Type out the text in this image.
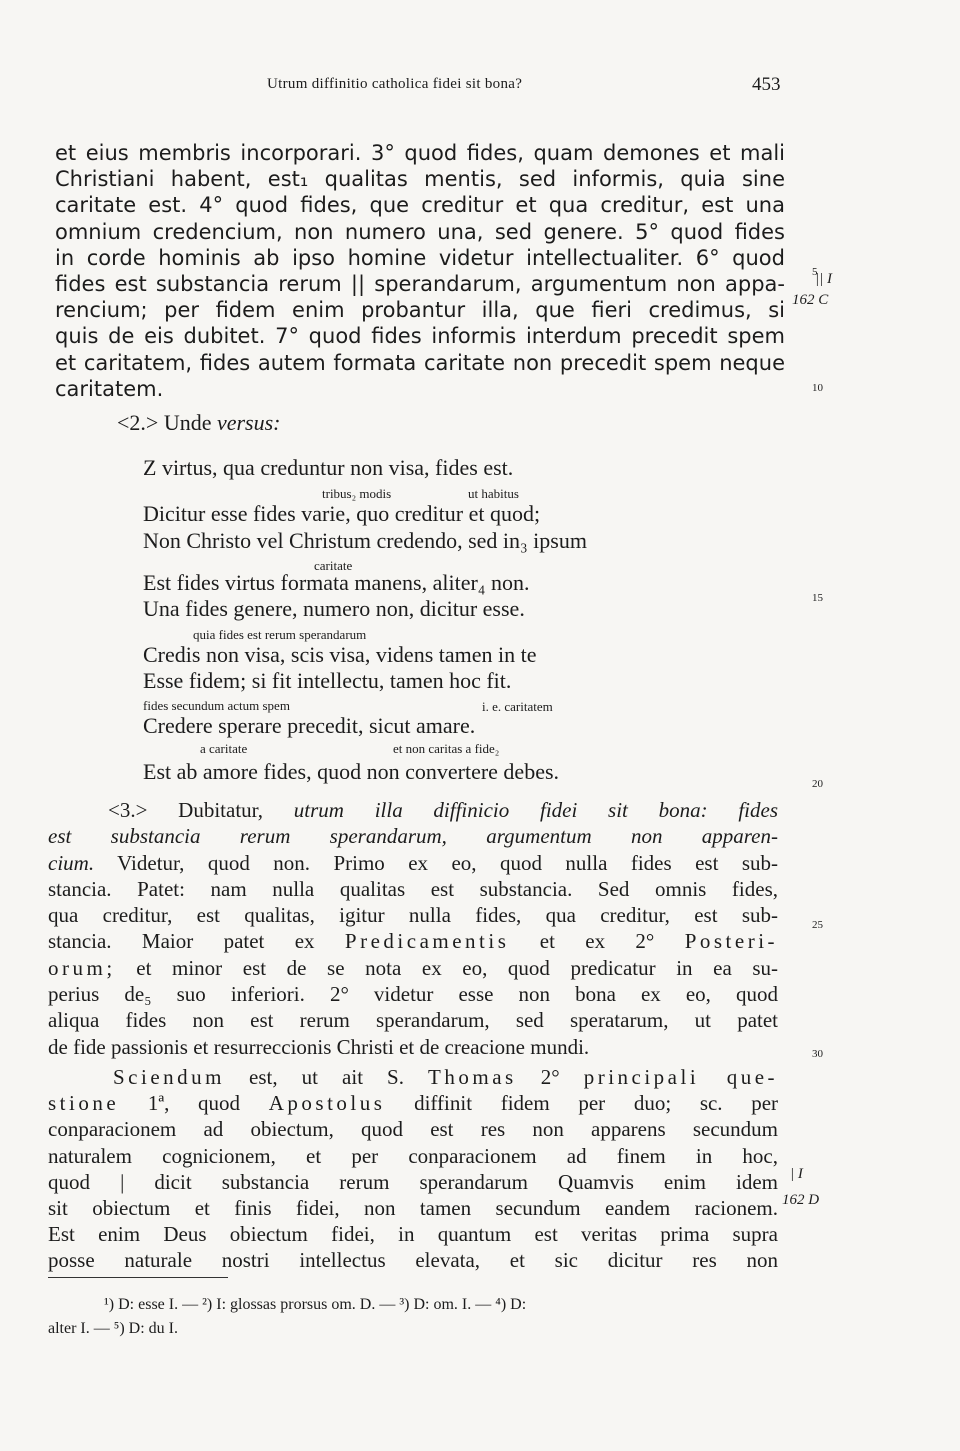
Utrum diffinitio catholica fidei sit bona?	453
et eius membris incorporari. 3° quod fides, quam demones et mali
Christiani habent, est₁ qualitas mentis, sed informis, quia sine
caritate est. 4° quod fides, que creditur et qua creditur, est una
omnium credencium, non numero una, sed genere. 5° quod fides
in corde hominis ab ipso homine videtur intellectualiter. 6° quod
fides est substancia rerum || sperandarum, argumentum non appa-
rencium; per fidem enim probantur illa, que fieri credimus, si
quis de eis dubitet. 7° quod fides informis interdum precedit spem
et caritatem, fides autem formata caritate non precedit spem neque
caritatem.
5
|| I
162 C
10
<2.> Unde versus:
Z virtus, qua creduntur non visa, fides est.
tribus₂ modis	ut habitus
Dicitur esse fides varie, quo creditur et quod;
Non Christo vel Christum credendo, sed in₃ ipsum
caritate
Est fides virtus formata manens, aliter₄ non.
15
Una fides genere, numero non, dicitur esse.
quia fides est rerum sperandarum
Credis non visa, scis visa, videns tamen in te
Esse fidem; si fit intellectu, tamen hoc fit.
fides secundum actum spem	i. e. caritatem
Credere sperare precedit, sicut amare.
a caritate	et non caritas a fide₂
Est ab amore fides, quod non convertere debes.	20
<3.> Dubitatur, utrum illa diffinicio fidei sit bona: fides
est substancia rerum sperandarum, argumentum non apparen-
cium. Videtur, quod non. Primo ex eo, quod nulla fides est sub-
stancia. Patet: nam nulla qualitas est substancia. Sed omnis fides,
qua creditur, est qualitas, igitur nulla fides, qua creditur, est sub-
stancia. Maior patet ex Predicamentis et ex 2° Posteri-
orum; et minor est de se nota ex eo, quod predicatur in ea su-
perius de₅ suo inferiori. 2° videtur esse non bona ex eo, quod
aliqua fides non est rerum sperandarum, sed speratarum, ut patet
de fide passionis et resurreccionis Christi et de creacione mundi.
25
30
Sciendum est, ut ait S. Thomas 2° principali que-
stione 1ª, quod Apostolus diffinit fidem per duo; sc. per
conparacionem ad obiectum, quod est res non apparens secundum
naturalem cognicionem, et per conparacionem ad finem in hoc,
quod | dicit substancia rerum sperandarum Quamvis enim idem
sit obiectum et finis fidei, non tamen secundum eandem racionem.
Est enim Deus obiectum fidei, in quantum est veritas prima supra
posse naturale nostri intellectus elevata, et sic dicitur res non
| I
162 D
¹) D: esse I. — ²) I: glossas prorsus om. D. — ³) D: om. I. — ⁴) D:
alter I. — ⁵) D: du I.
